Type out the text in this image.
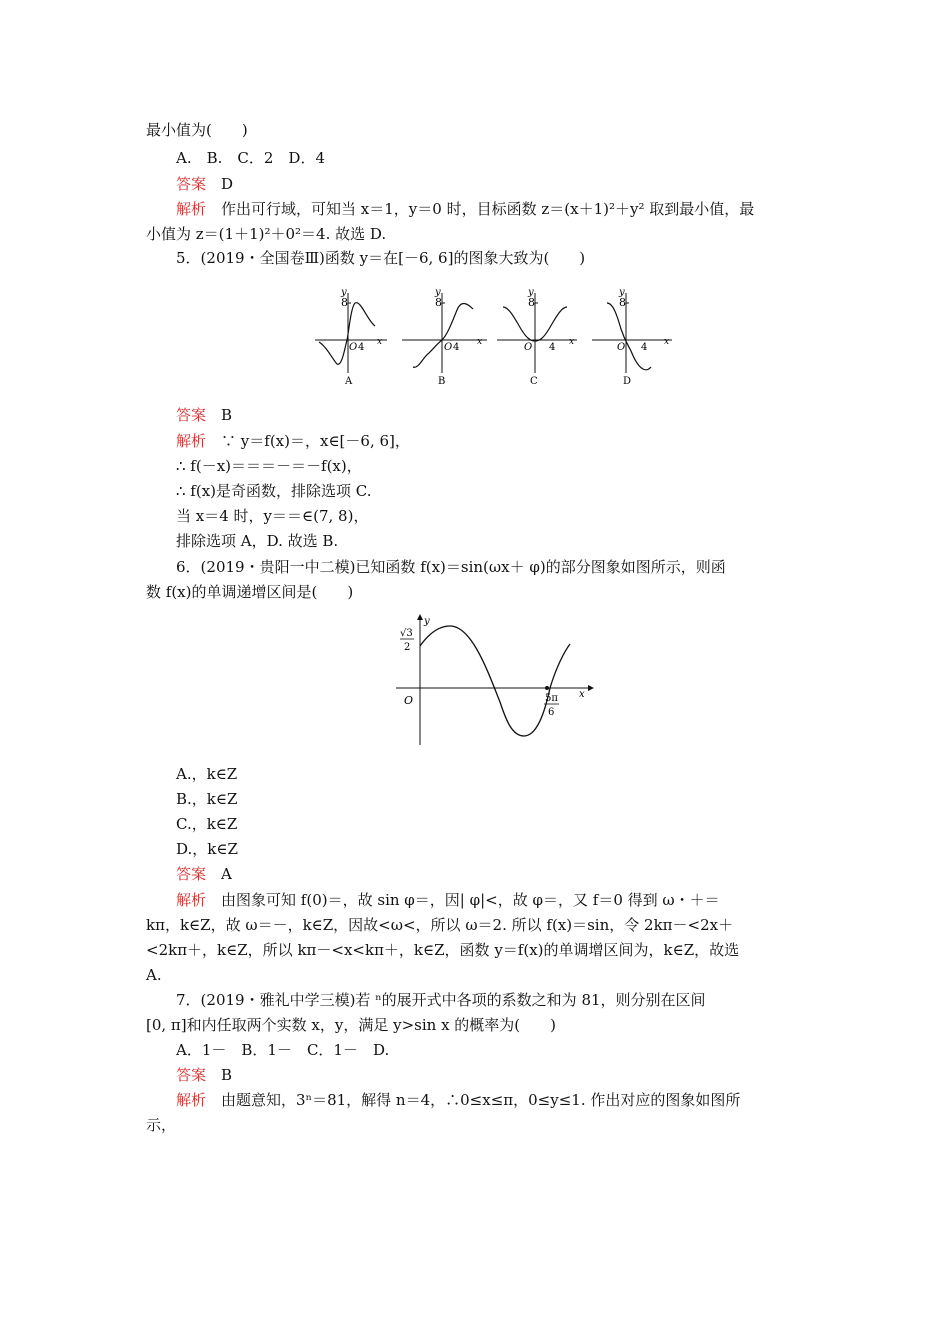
最小值为(　　)
A.　B.　C．2　D．4
答案　 D
解析　 作出可行域，可知当 x＝1，y＝0 时，目标函数 z＝(x＋1)²＋y² 取到最小值，最
小值为 z＝(1＋1)²＋0²＝4. 故选 D.
5．(2019・全国卷Ⅲ)函数 y＝在[－6, 6]的图象大致为(　　)
y
8
O 4 x
A
y
8
O 4 x
B
y
8
O 4 x
C
y
8
O 4 x
D
答案　 B
解析　 ∵ y＝f(x)＝，x∈[－6, 6]，
∴ f(－x)＝＝＝－＝－f(x)，
∴ f(x)是奇函数，排除选项 C.
当 x＝4 时，y＝＝∈(7, 8)，
排除选项 A，D. 故选 B.
6．(2019・贵阳一中二模)已知函数 f(x)＝sin(ωx＋ φ)的部分图象如图所示，则函
数 f(x)的单调递增区间是(　　)
y
√3
2
O	5π
6
x
A.，k∈Z
B.，k∈Z
C.，k∈Z
D.，k∈Z
答案　 A
解析　 由图象可知 f(0)＝，故 sin φ＝，因| φ|<，故 φ＝，又 f＝0 得到 ω・＋＝
kπ，k∈Z，故 ω＝－，k∈Z，因故<ω<，所以 ω＝2. 所以 f(x)＝sin，令 2kπ－<2x＋
<2kπ＋，k∈Z，所以 kπ－<x<kπ＋，k∈Z，函数 y＝f(x)的单调增区间为，k∈Z，故选
A.
7．(2019・雅礼中学三模)若 ⁿ的展开式中各项的系数之和为 81，则分别在区间
[0, π]和内任取两个实数 x，y，满足 y>sin x 的概率为(　　)
A．1－　B．1－　C．1－　D.
答案　 B
解析　 由题意知，3ⁿ＝81，解得 n＝4，∴0≤x≤π，0≤y≤1. 作出对应的图象如图所
示，
